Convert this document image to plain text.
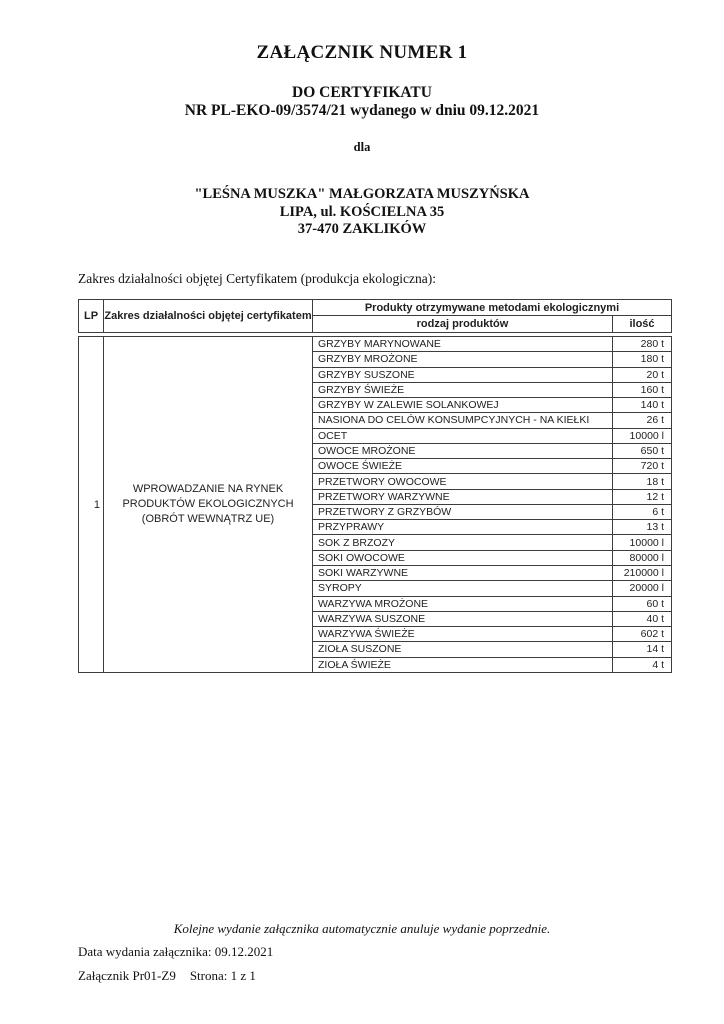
ZAŁĄCZNIK NUMER 1
DO CERTYFIKATU
NR PL-EKO-09/3574/21 wydanego w dniu 09.12.2021
dla
"LEŚNA MUSZKA" MAŁGORZATA MUSZYŃSKA
LIPA, ul. KOŚCIELNA 35
37-470 ZAKLIKÓW
Zakres działalności objętej Certyfikatem (produkcja ekologiczna):
LP Zakres działalności objętej certyfikatem
Produkty otrzymywane metodami ekologicznymi
rodzaj produktów	ilość
1
WPROWADZANIE NA RYNEK PRODUKTÓW EKOLOGICZNYCH (OBRÓT WEWNĄTRZ UE)
GRZYBY MARYNOWANE	280 t
GRZYBY MROŻONE	180 t
GRZYBY SUSZONE	20 t
GRZYBY ŚWIEŻE	160 t
GRZYBY W ZALEWIE SOLANKOWEJ	140 t
NASIONA DO CELÓW KONSUMPCYJNYCH - NA KIEŁKI	26 t
OCET	10000 l
OWOCE MROŻONE	650 t
OWOCE ŚWIEŻE	720 t
PRZETWORY OWOCOWE	18 t
PRZETWORY WARZYWNE	12 t
PRZETWORY Z GRZYBÓW	6 t
PRZYPRAWY	13 t
SOK Z BRZOZY	10000 l
SOKI OWOCOWE	80000 l
SOKI WARZYWNE	210000 l
SYROPY	20000 l
WARZYWA MROŻONE	60 t
WARZYWA SUSZONE	40 t
WARZYWA ŚWIEŻE	602 t
ZIOŁA SUSZONE	14 t
ZIOŁA ŚWIEŻE	4 t
Kolejne wydanie załącznika automatycznie anuluje wydanie poprzednie.
Data wydania załącznika: 09.12.2021
Załącznik Pr01-Z9 Strona: 1 z 1
